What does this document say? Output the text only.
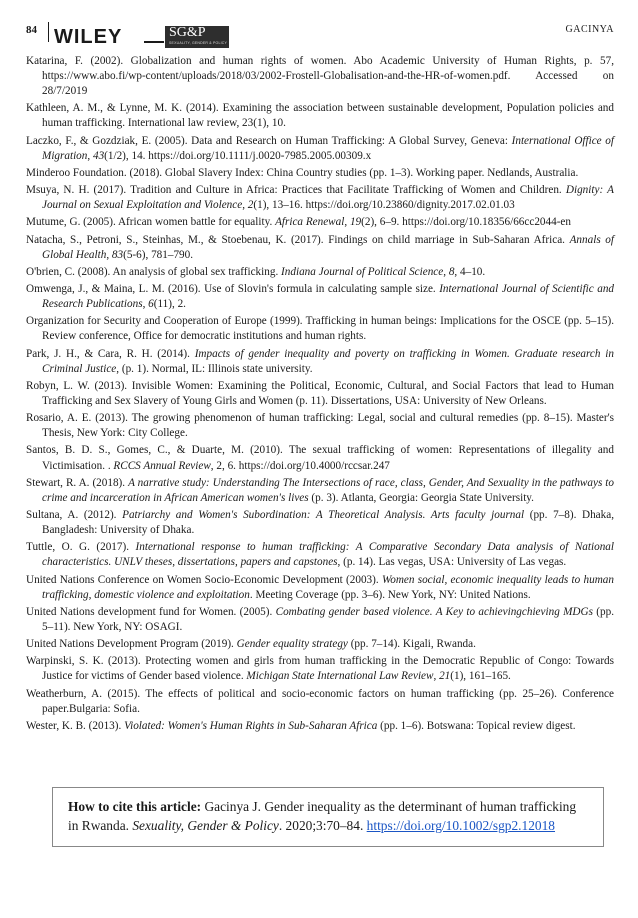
84 WILEY	SG&P
SEXUALITY, GENDER & POLICY
GACINYA
Katarina, F. (2002). Globalization and human rights of women. Abo Academic University of Human Rights, p. 57, https://www.abo.fi/wp-content/uploads/2018/03/2002-Frostell-Globalisation-and-the-HR-of-women.pdf. Accessed on 28/7/2019
Kathleen, A. M., & Lynne, M. K. (2014). Examining the association between sustainable development, Population policies and human trafficking. International law review, 23(1), 10.
Laczko, F., & Gozdziak, E. (2005). Data and Research on Human Trafficking: A Global Survey, Geneva: International Office of Migration, 43(1/2), 14. https://doi.org/10.1111/j.0020-7985.2005.00309.x
Minderoo Foundation. (2018). Global Slavery Index: China Country studies (pp. 1–3). Working paper. Nedlands, Australia.
Msuya, N. H. (2017). Tradition and Culture in Africa: Practices that Facilitate Trafficking of Women and Children. Dignity: A Journal on Sexual Exploitation and Violence, 2(1), 13–16. https://doi.org/10.23860/dignity.2017.02.01.03
Mutume, G. (2005). African women battle for equality. Africa Renewal, 19(2), 6–9. https://doi.org/10.18356/66cc2044-en
Natacha, S., Petroni, S., Steinhas, M., & Stoebenau, K. (2017). Findings on child marriage in Sub-Saharan Africa. Annals of Global Health, 83(5-6), 781–790.
O'brien, C. (2008). An analysis of global sex trafficking. Indiana Journal of Political Science, 8, 4–10.
Omwenga, J., & Maina, L. M. (2016). Use of Slovin's formula in calculating sample size. International Journal of Scientific and Research Publications, 6(11), 2.
Organization for Security and Cooperation of Europe (1999). Trafficking in human beings: Implications for the OSCE (pp. 5–15). Review conference, Office for democratic institutions and human rights.
Park, J. H., & Cara, R. H. (2014). Impacts of gender inequality and poverty on trafficking in Women. Graduate research in Criminal Justice, (p. 1). Normal, IL: Illinois state university.
Robyn, L. W. (2013). Invisible Women: Examining the Political, Economic, Cultural, and Social Factors that lead to Human Trafficking and Sex Slavery of Young Girls and Women (p. 11). Dissertations, USA: University of New Orleans.
Rosario, A. E. (2013). The growing phenomenon of human trafficking: Legal, social and cultural remedies (pp. 8–15). Master's Thesis, New York: City College.
Santos, B. D. S., Gomes, C., & Duarte, M. (2010). The sexual trafficking of women: Representations of illegality and Victimisation. . RCCS Annual Review, 2, 6. https://doi.org/10.4000/rccsar.247
Stewart, R. A. (2018). A narrative study: Understanding The Intersections of race, class, Gender, And Sexuality in the pathways to crime and incarceration in African American women's lives (p. 3). Atlanta, Georgia: Georgia State University.
Sultana, A. (2012). Patriarchy and Women's Subordination: A Theoretical Analysis. Arts faculty journal (pp. 7–8). Dhaka, Bangladesh: University of Dhaka.
Tuttle, O. G. (2017). International response to human trafficking: A Comparative Secondary Data analysis of National characteristics. UNLV theses, dissertations, papers and capstones, (p. 14). Las vegas, USA: University of Las vegas.
United Nations Conference on Women Socio-Economic Development (2003). Women social, economic inequality leads to human trafficking, domestic violence and exploitation. Meeting Coverage (pp. 3–6). New York, NY: United Nations.
United Nations development fund for Women. (2005). Combating gender based violence. A Key to achievingchieving MDGs (pp. 5–11). New York, NY: OSAGI.
United Nations Development Program (2019). Gender equality strategy (pp. 7–14). Kigali, Rwanda.
Warpinski, S. K. (2013). Protecting women and girls from human trafficking in the Democratic Republic of Congo: Towards Justice for victims of Gender based violence. Michigan State International Law Review, 21(1), 161–165.
Weatherburn, A. (2015). The effects of political and socio-economic factors on human trafficking (pp. 25–26). Conference paper.Bulgaria: Sofia.
Wester, K. B. (2013). Violated: Women's Human Rights in Sub-Saharan Africa (pp. 1–6). Botswana: Topical review digest.
How to cite this article: Gacinya J. Gender inequality as the determinant of human trafficking
in Rwanda. Sexuality, Gender & Policy. 2020;3:70–84. https://doi.org/10.1002/sgp2.12018
